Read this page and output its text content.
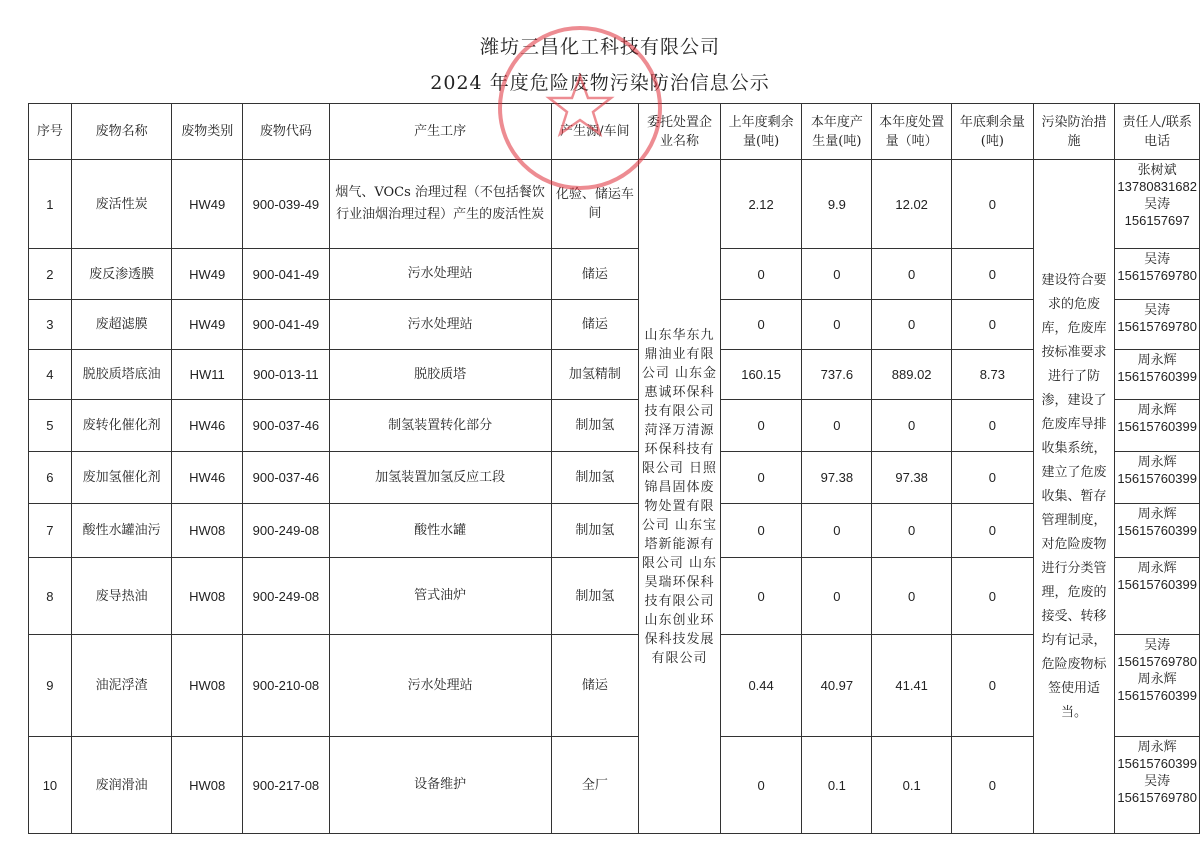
潍坊三昌化工科技有限公司
2024 年度危险废物污染防治信息公示
序号	废物名称	废物类别	废物代码	产生工序	产生源/车间	委托处置企业名称	上年度剩余量(吨)	本年度产生量(吨)	本年度处置量（吨）	年底剩余量(吨)	污染防治措施	责任人/联系电话
1	废活性炭	HW49	900-039-49	烟气、VOCs 治理过程（不包括餐饮行业油烟治理过程）产生的废活性炭	化验、储运车间	山东华东九鼎油业有限公司 山东金惠诚环保科技有限公司 菏泽万清源环保科技有限公司 日照锦昌固体废物处置有限公司 山东宝塔新能源有限公司 山东昊瑞环保科技有限公司 山东创业环保科技发展有限公司	2.12	9.9	12.02	0	建设符合要求的危废库，危废库按标准要求进行了防渗，建设了危废库导排收集系统，建立了危废收集、暂存管理制度，对危险废物进行分类管理，危废的接受、转移均有记录，危险废物标签使用适当。	张树斌 13780831682 吴涛 156157697
2	废反渗透膜	HW49	900-041-49	污水处理站	储运		0	0	0	0		吴涛 15615769780
3	废超滤膜	HW49	900-041-49	污水处理站	储运		0	0	0	0		吴涛 15615769780
4	脱胶质塔底油	HW11	900-013-11	脱胶质塔	加氢精制		160.15	737.6	889.02	8.73		周永辉 15615760399
5	废转化催化剂	HW46	900-037-46	制氢装置转化部分	制加氢		0	0	0	0		周永辉 15615760399
6	废加氢催化剂	HW46	900-037-46	加氢装置加氢反应工段	制加氢		0	97.38	97.38	0		周永辉 15615760399
7	酸性水罐油污	HW08	900-249-08	酸性水罐	制加氢		0	0	0	0		周永辉 15615760399
8	废导热油	HW08	900-249-08	管式油炉	制加氢		0	0	0	0		周永辉 15615760399
9	油泥浮渣	HW08	900-210-08	污水处理站	储运		0.44	40.97	41.41	0		吴涛 15615769780 周永辉 15615760399
10	废润滑油	HW08	900-217-08	设备维护	全厂		0	0.1	0.1	0		周永辉 15615760399 吴涛 15615769780
